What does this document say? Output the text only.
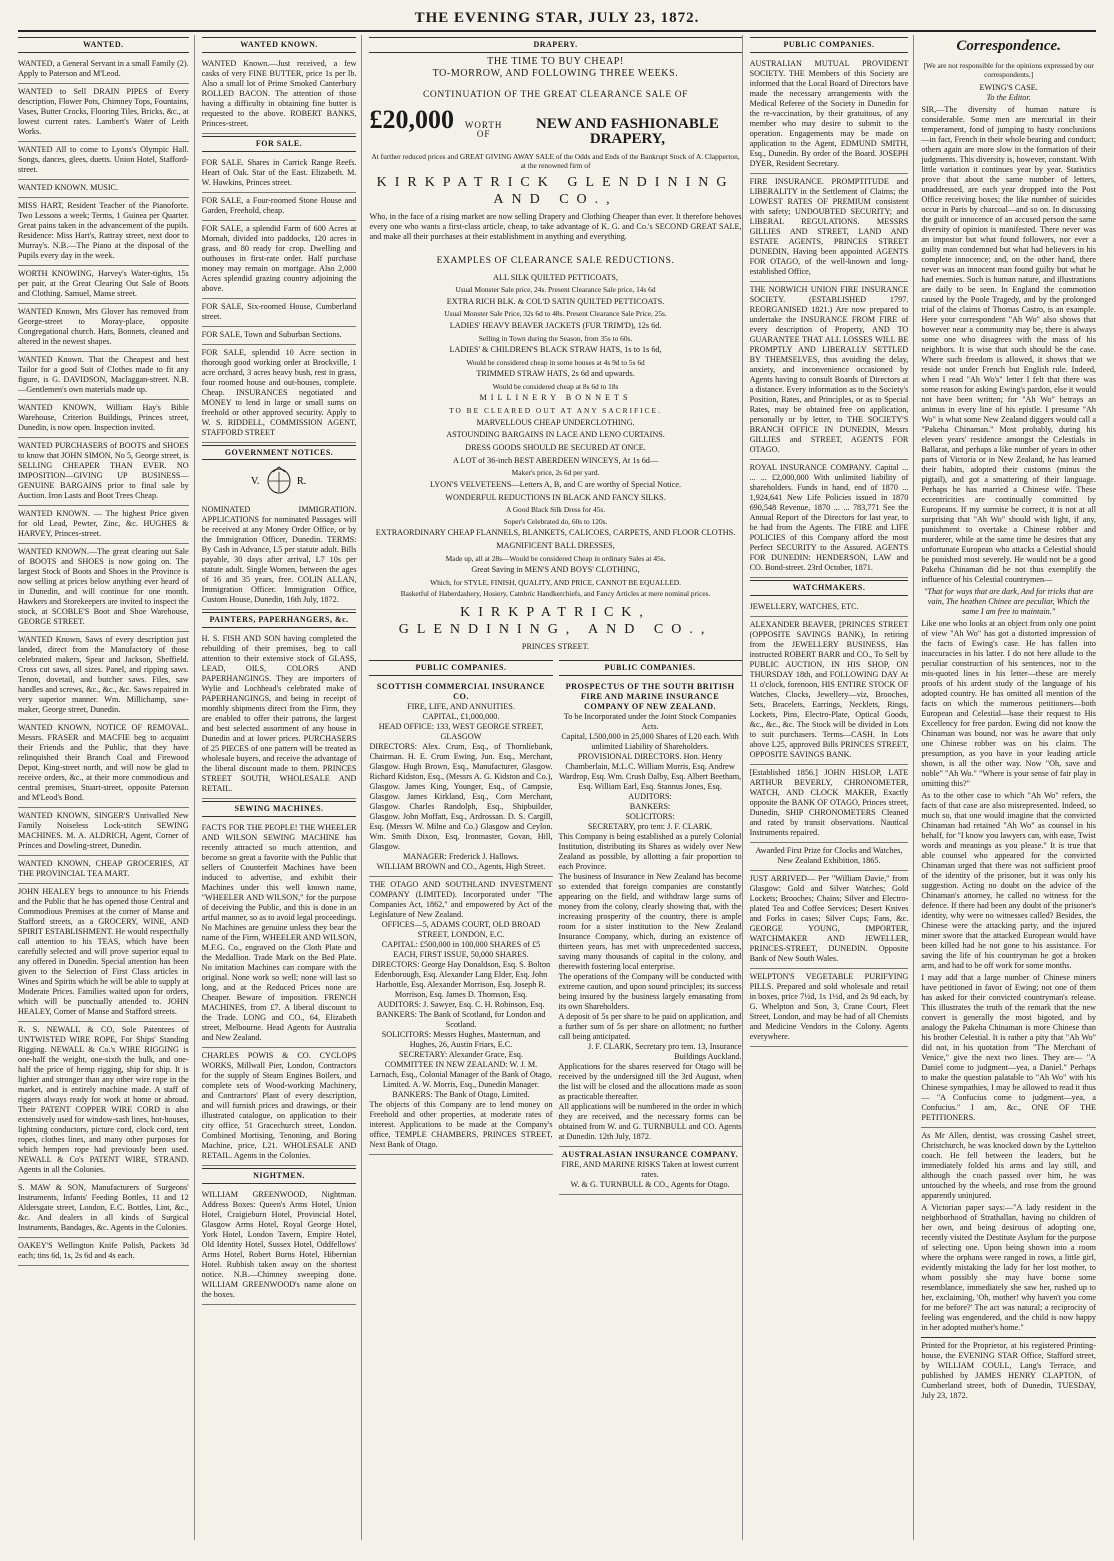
THE EVENING STAR, JULY 23, 1872.
WANTED.

WANTED, a General Servant in a small Family (2). Apply to Paterson and M'Leod.

WANTED to Sell DRAIN PIPES of Every description, Flower Pots, Chimney Tops, Fountains, Vases, Butter Crocks, Flooring Tiles, Bricks, &c., at lowest current rates. Lambert's Water of Leith Works.

WANTED All to come to Lyons's Olympic Hall. Songs, dances, glees, duetts. Union Hotel, Stafford-street.

WANTED KNOWN. MUSIC.

MISS HART, Resident Teacher of the Pianoforte. Two Lessons a week; Terms, 1 Guinea per Quarter. Great pains taken in the advancement of the pupils. Residence: Miss Hart's, Rattray street, next door to Murray's. N.B.—The Piano at the disposal of the Pupils every day in the week.

WORTH KNOWING, Harvey's Water-tights, 15s per pair, at the Great Clearing Out Sale of Boots and Clothing. Samuel, Manse street.

WANTED Known, Mrs Glover has removed from George-street to Moray-place, opposite Congregational church. Hats, Bonnets, cleaned and altered in the newest shapes.

WANTED Known. That the Cheapest and best Tailor for a good Suit of Clothes made to fit any figure, is G. DAVIDSON, Maclaggan-street. N.B.—Gentlemen's own materials made up.

WANTED KNOWN, William Hay's Bible Warehouse, Criterion Buildings, Princes street, Dunedin, is now open. Inspection invited.

WANTED PURCHASERS of BOOTS and SHOES to know that JOHN SIMON, No 5, George street, is SELLING CHEAPER THAN EVER. NO IMPOSITION—GIVING UP BUSINESS—GENUINE BARGAINS prior to final sale by Auction. Iron Lasts and Boot Trees Cheap.

WANTED KNOWN. — The highest Price given for old Lead, Pewter, Zinc, &c. HUGHES & HARVEY, Princes-street.

WANTED KNOWN.—The great clearing out Sale of BOOTS and SHOES is now going on. The largest Stock of Boots and Shoes in the Province is now selling at prices below anything ever heard of in Dunedin, and will continue for one month. Hawkers and Storekeepers are invited to inspect the stock, at SCOBLE'S Boot and Shoe Warehouse, GEORGE STREET.

WANTED Known, Saws of every description just landed, direct from the Manufactory of those celebrated makers, Spear and Jackson, Sheffield. Cross cut saws, all sizes. Panel, and ripping saws. Tenon, dovetail, and butcher saws. Files, saw handles and screws, &c., &c., &c. Saws repaired in very superior manner. Wm. Millichamp, saw-maker, George street, Dunedin.

WANTED KNOWN, NOTICE OF REMOVAL. Messrs. FRASER and MACFIE beg to acquaint their Friends and the Public, that they have relinquished their Branch Coal and Firewood Depot, King-street north, and will now be glad to receive orders, &c., at their more commodious and central premises, Stuart-street, opposite Paterson and M'Leod's Bond.

WANTED KNOWN, SINGER'S Unrivalled New Family Noiseless Lock-stitch SEWING MACHINES. M. A. ALDRICH, Agent, Corner of Princes and Dowling-street, Dunedin.

WANTED KNOWN, CHEAP GROCERIES, AT THE PROVINCIAL TEA MART.

JOHN HEALEY begs to announce to his Friends and the Public that he has opened those Central and Commodious Premises at the corner of Manse and Stafford streets, as a GROCERY, WINE, AND SPIRIT ESTABLISHMENT. He would respectfully call attention to his TEAS, which have been carefully selected and will prove superior equal to any offered in Dunedin. Special attention has been given to the Selection of First Class articles in Wines and Spirits which he will be able to supply at Moderate Prices. Families waited upon for orders, which will be punctually attended to. JOHN HEALEY, Corner of Manse and Stafford streets.

R. S. NEWALL & CO, Sole Patentees of UNTWISTED WIRE ROPE, For Ships' Standing Rigging. NEWALL & Co.'s WIRE RIGGING is one-half the weight, one-sixth the bulk, and one-half the price of hemp rigging, ship for ship. It is lighter and stronger than any other wire rope in the market, and is entirely machine made. A staff of riggers always ready for work at home or abroad. Their PATENT COPPER WIRE CORD is also extensively used for window-sash lines, hot-houses, lightning conductors, picture cord, clock cord, tent ropes, clothes lines, and many other purposes for which hempen rope had previously been used. NEWALL & Co's PATENT WIRE, STRAND. Agents in all the Colonies.

S. MAW & SON, Manufacturers of Surgeons' Instruments, Infants' Feeding Bottles, 11 and 12 Aldersgate street, London, E.C. Bottles, Lint, &c., &c. And dealers in all kinds of Surgical Instruments, Bandages, &c. Agents in the Colonies.

OAKEY'S Wellington Knife Polish, Packets 3d each; tins 6d, 1s, 2s 6d and 4s each.

WANTED KNOWN.

WANTED Known.—Just received, a few casks of very FINE BUTTER, price 1s per lb. Also a small lot of Prime Smoked Canterbury ROLLED BACON. The attention of those having a difficulty in obtaining fine butter is requested to the above. ROBERT BANKS, Princes-street.

FOR SALE.

FOR SALE. Shares in Carrick Range Reefs. Heart of Oak. Star of the East. Elizabeth. M. W. Hawkins, Princes street.

FOR SALE, a Four-roomed Stone House and Garden, Freehold, cheap.

FOR SALE, a splendid Farm of 600 Acres at Mornah, divided into paddocks, 120 acres in grass, and 80 ready for crop. Dwelling and outhouses in first-rate order. Half purchase money may remain on mortgage. Also 2,000 Acres splendid grazing country adjoining the above.

FOR SALE, Six-roomed House, Cumberland street.

FOR SALE, Town and Suburban Sections.

FOR SALE, splendid 10 Acre section in thorough good working order at Brockville, 1 acre orchard, 3 acres heavy bush, rest in grass, four roomed house and out-houses, complete. Cheap. INSURANCES negotiated and MONEY to lend in large or small sums on freehold or other approved security. Apply to W. S. RIDDELL, COMMISSION AGENT, STAFFORD STREET

GOVERNMENT NOTICES.
V.	R.

NOMINATED IMMIGRATION. APPLICATIONS for nominated Passages will be received at any Money Order Office, or by the Immigration Officer, Dunedin. TERMS: By Cash in Advance, L5 per statute adult. Bills payable, 30 days after arrival, L7 10s per statute adult. Single Women, between the ages of 16 and 35 years, free. COLIN ALLAN, Immigration Officer. Immigration Office, Custom House, Dunedin, 16th July, 1872.

PAINTERS, PAPERHANGERS, &c.

H. S. FISH AND SON having completed the rebuilding of their premises, beg to call attention to their extensive stock of GLASS, LEAD, OILS, COLORS AND PAPERHANGINGS. They are importers of Wylie and Lochhead's celebrated make of PAPERHANGINGS, and being in receipt of monthly shipments direct from the Firm, they are enabled to offer their patrons, the largest and best selected assortment of any house in Dunedin and at lower prices. PURCHASERS of 25 PIECES of one pattern will be treated as wholesale buyers, and receive the advantage of the liberal discount made to them. PRINCES STREET SOUTH, WHOLESALE AND RETAIL.

SEWING MACHINES.

FACTS FOR THE PEOPLE! THE WHEELER AND WILSON SEWING MACHINE has recently attracted so much attention, and become so great a favorite with the Public that sellers of Counterfeit Machines have been induced to advertise, and exhibit their Machines under this well known name, "WHEELER AND WILSON," for the purpose of deceiving the Public, and this is done in an artful manner, so as to avoid legal proceedings. No Machines are genuine unless they bear the name of the Firm, WHEELER AND WILSON, M.F.G. Co., engraved on the Cloth Plate and the Medallion. Trade Mark on the Bed Plate. No imitation Machines can compare with the original. None work so well; none will last so long, and at the Reduced Prices none are Cheaper. Beware of imposition. FRENCH MACHINES, from £7. A liberal discount to the Trade. LONG and CO., 64, Elizabeth street, Melbourne. Head Agents for Australia and New Zealand.

CHARLES POWIS & CO. CYCLOPS WORKS, Millwall Pier, London, Contractors for the supply of Steam Engines Boilers, and complete sets of Wood-working Machinery, and Contractors' Plant of every description, and will furnish prices and drawings, or their illustrated catalogue, on application to their city office, 51 Gracechurch street, London. Combined Mortising, Tenoning, and Boring Machine, price, L21. WHOLESALE AND RETAIL. Agents in the Colonies.

NIGHTMEN.

WILLIAM GREENWOOD, Nightman. Address Boxes: Queen's Arms Hotel, Union Hotel, Craigieburn Hotel, Provincial Hotel, Glasgow Arms Hotel, Royal George Hotel, York Hotel, London Tavern, Empire Hotel, Old Identity Hotel, Sussex Hotel, Oddfellows' Arms Hotel, Robert Burns Hotel, Hibernian Hotel. Rubbish taken away on the shortest notice. N.B.—Chimney sweeping done. WILLIAM GREENWOOD's name alone on the boxes.

DRAPERY.
THE TIME TO BUY CHEAP!
TO-MORROW, AND FOLLOWING THREE WEEKS.
CONTINUATION OF THE GREAT CLEARANCE SALE OF
£20,000	WORTH OF
NEW AND FASHIONABLE DRAPERY,
At further reduced prices and GREAT GIVING AWAY SALE of the Odds and Ends of the Bankrupt Stock of A. Clapperton, at the renowned firm of
KIRKPATRICK GLENDINING AND CO.,
Who, in the face of a rising market are now selling Drapery and Clothing Cheaper than ever. It therefore behoves every one who wants a first-class article, cheap, to take advantage of K. G. and Co.'s SECOND GREAT SALE, and make all their purchases at their establishment in anything and everything.
EXAMPLES OF CLEARANCE SALE REDUCTIONS.
ALL SILK QUILTED PETTICOATS,
Usual Monster Sale price, 24s. Present Clearance Sale price, 14s 6d
EXTRA RICH BLK. & COL'D SATIN QUILTED PETTICOATS.
Usual Monster Sale Price, 32s 6d to 48s. Present Clearance Sale Price, 25s.
LADIES' HEAVY BEAVER JACKETS (FUR TRIM'D), 12s 6d.
Selling in Town during the Season, from 35s to 60s.
LADIES' & CHILDREN'S BLACK STRAW HATS, 1s to 1s 6d,
Would be considered cheap in some houses at 4s 9d to 5s 6d
TRIMMED STRAW HATS, 2s 6d and upwards.
Would be considered cheap at 8s 6d to 18s
MILLINERY BONNETS
TO BE CLEARED OUT AT ANY SACRIFICE.
MARVELLOUS CHEAP UNDERCLOTHING.
ASTOUNDING BARGAINS IN LACE AND LENO CURTAINS.
DRESS GOODS SHOULD BE SECURED AT ONCE.
A LOT of 36-inch BEST ABERDEEN WINCEYS, At 1s 6d—
Maker's price, 2s 6d per yard.
LYON'S VELVETEENS—Letters A, B, and C are worthy of Special Notice.
WONDERFUL REDUCTIONS IN BLACK AND FANCY SILKS.
A Good Black Silk Dress for 45s.
Soper's Celebrated do, 60s to 120s.
EXTRAORDINARY CHEAP FLANNELS, BLANKETS, CALICOES, CARPETS, AND FLOOR CLOTHS.
MAGNIFICENT BALL DRESSES,
Made up, all at 28s—Would be considered Cheap in ordinary Sales at 45s.
Great Saving in MEN'S AND BOYS' CLOTHING,
Which, for STYLE, FINISH, QUALITY, AND PRICE, CANNOT BE EQUALLED.
Basketful of Haberdashery, Hosiery, Cambric Handkerchiefs, and Fancy Articles at mere nominal prices.
KIRKPATRICK, GLENDINING, AND CO.,
PRINCES STREET.
PUBLIC COMPANIES.

SCOTTISH COMMERCIAL INSURANCE CO.

FIRE, LIFE, AND ANNUITIES.

CAPITAL, £1,000,000.

HEAD OFFICE: 133, WEST GEORGE STREET, GLASGOW

DIRECTORS: Alex. Crum, Esq., of Thornliebank, Chairman. H. E. Crum Ewing, Jun. Esq., Merchant, Glasgow. Hugh Brown, Esq., Manufacturer, Glasgow. Richard Kidston, Esq., (Messrs A. G. Kidston and Co.), Glasgow. James King, Younger, Esq., of Campsie, Glasgow. James Kirkland, Esq., Corn Merchant, Glasgow. Charles Randolph, Esq., Shipbuilder, Glasgow. John Moffatt, Esq., Ardrossan. D. S. Cargill, Esq. (Messrs W. Milne and Co.) Glasgow and Ceylon. Wm. Smith Dixon, Esq, Ironmaster, Govan, Hill, Glasgow.

MANAGER: Frederick J. Hallows.

WILLIAM BROWN and CO., Agents, High Street.

THE OTAGO AND SOUTHLAND INVESTMENT COMPANY (LIMITED). Incorporated under "The Companies Act, 1862," and empowered by Act of the Legislature of New Zealand.

OFFICES—5, ADAMS COURT, OLD BROAD STREET, LONDON, E.C.

CAPITAL: £500,000 in 100,000 SHARES of £5 EACH, FIRST ISSUE, 50,000 SHARES.

DIRECTORS: George Hay Donaldson, Esq. S. Bolton Edenborough, Esq. Alexander Lang Elder, Esq. John Harbottle, Esq. Alexander Morrison, Esq. Joseph R. Morrison, Esq. James D. Thomson, Esq.

AUDITORS: J. Sawyer, Esq. C. H. Robinson, Esq.

BANKERS: The Bank of Scotland, for London and Scotland.

SOLICITORS: Messrs Hughes, Masterman, and Hughes, 26, Austin Friars, E.C.

SECRETARY: Alexander Grace, Esq.

COMMITTEE IN NEW ZEALAND: W. J. M. Larnach, Esq., Colonial Manager of the Bank of Otago, Limited. A. W. Morris, Esq., Dunedin Manager.

BANKERS: The Bank of Otago, Limited.

The objects of this Company are to lend money on Freehold and other properties, at moderate rates of interest. Applications to be made at the Company's office, TEMPLE CHAMBERS, PRINCES STREET, Next Bank of Otago.

PUBLIC COMPANIES.

PROSPECTUS OF THE SOUTH BRITISH FIRE AND MARINE INSURANCE COMPANY OF NEW ZEALAND.

To be Incorporated under the Joint Stock Companies Acts.

Capital, L500,000 in 25,000 Shares of L20 each. With unlimited Liability of Shareholders.

PROVISIONAL DIRECTORS. Hon. Henry Chamberlain, M.L.C. William Morris, Esq. Andrew Wardrop, Esq. Wm. Crush Dalby, Esq. Albert Beetham, Esq. William Earl, Esq. Stannus Jones, Esq.

AUDITORS:

BANKERS:

SOLICITORS:

SECRETARY, pro tem: J. F. CLARK.

This Company is being established as a purely Colonial Institution, distributing its Shares as widely over New Zealand as possible, by allotting a fair proportion to each Province.

The business of Insurance in New Zealand has become so extended that foreign companies are constantly appearing on the field, and withdraw large sums of money from the colony, clearly showing that, with the increasing prosperity of the country, there is ample room for a sister institution to the New Zealand Insurance Company, which, during an existence of thirteen years, has met with unprecedented success, saving many thousands of capital in the colony, and therewith fostering local enterprise.

The operations of the Company will be conducted with extreme caution, and upon sound principles; its success being insured by the business largely emanating from its own Shareholders.

A deposit of 5s per share to be paid on application, and a further sum of 5s per share on allotment; no further call being anticipated.

J. F. CLARK, Secretary pro tem. 13, Insurance Buildings Auckland.

Applications for the shares reserved for Otago will be received by the undersigned till the 3rd August, when the list will be closed and the allocations made as soon as practicable thereafter.

All applications will be numbered in the order in which they are received, and the necessary forms can be obtained from W. and G. TURNBULL and CO. Agents at Dunedin. 12th July, 1872.

AUSTRALASIAN INSURANCE COMPANY.

FIRE, AND MARINE RISKS Taken at lowest current rates.

W. & G. TURNBULL & CO., Agents for Otago.

PUBLIC COMPANIES.

AUSTRALIAN MUTUAL PROVIDENT SOCIETY. THE Members of this Society are informed that the Local Board of Directors have made the necessary arrangements with the Medical Referee of the Society in Dunedin for the re-vaccination, by their gratuitous, of any member who may desire to submit to the operation. Engagements may be made on application to the Agent, EDMUND SMITH, Esq., Dunedin. By order of the Board. JOSEPH DYER, Resident Secretary.

FIRE INSURANCE. PROMPTITUDE and LIBERALITY in the Settlement of Claims; the LOWEST RATES OF PREMIUM consistent with safety; UNDOUBTED SECURITY; and LIBERAL REGULATIONS. MESSRS GILLIES AND STREET, LAND AND ESTATE AGENTS, PRINCES STREET DUNEDIN, Having been appointed AGENTS FOR OTAGO, of the well-known and long-established Office,

THE NORWICH UNION FIRE INSURANCE SOCIETY. (ESTABLISHED 1797. REORGANISED 1821.) Are now prepared to undertake the INSURANCE FROM FIRE of every description of Property, AND TO GUARANTEE THAT ALL LOSSES WILL BE PROMPTLY AND LIBERALLY SETTLED BY THEMSELVES, thus avoiding the delay, anxiety, and inconvenience occasioned by Agents having to consult Boards of Directors at a distance. Every information as to the Society's Position, Rates, and Principles, or as to Special Rates, may be obtained free on application, personally or by letter, to THE SOCIETY'S BRANCH OFFICE IN DUNEDIN, Messrs GILLIES and STREET, AGENTS FOR OTAGO.

ROYAL INSURANCE COMPANY. Capital ... ... ... £2,000,000 With unlimited liability of shareholders. Funds in hand, end of 1870 ... 1,924,641 New Life Policies issued in 1870 690,548 Revenue, 1870 ... ... 783,771 See the Annual Report of the Directors for last year, to be had from the Agents. The FIRE and LIFE POLICIES of this Company afford the most Perfect SECURITY to the Assured. AGENTS FOR DUNEDIN: HENDERSON, LAW and CO. Bond-street. 23rd October, 1871.

WATCHMAKERS.

JEWELLERY, WATCHES, ETC.

ALEXANDER BEAVER, [PRINCES STREET (OPPOSITE SAVINGS BANK), In retiring from the JEWELLERY BUSINESS, Has instructed ROBERT BARR and CO., To Sell by PUBLIC AUCTION, IN HIS SHOP, ON THURSDAY 18th, and FOLLOWING DAY At 11 o'clock, forenoon, HIS ENTIRE STOCK OF Watches, Clocks, Jewellery—viz, Brooches, Sets, Bracelets, Earrings, Necklets, Rings, Lockets, Pins, Electro-Plate, Optical Goods, &c., &c., &c. The Stock will be divided in Lots to suit purchasers. Terms—CASH. In Lots above L25, approved Bills PRINCES STREET, OPPOSITE SAVINGS BANK.

[Established 1856.] JOHN HISLOP, LATE ARTHUR BEVERLY, CHRONOMETER, WATCH, AND CLOCK MAKER, Exactly opposite the BANK OF OTAGO, Princes street, Dunedin, SHIP CHRONOMETERS Cleaned and rated by transit observations. Nautical Instruments repaired.

Awarded First Prize for Clocks and Watches, New Zealand Exhibition, 1865.

JUST ARRIVED— Per "William Davie," from Glasgow: Gold and Silver Watches; Gold Lockets; Brooches; Chains; Silver and Electro-plated Tea and Coffee Services; Desert Knives and Forks in cases; Silver Cups; Fans, &c. GEORGE YOUNG, IMPORTER, WATCHMAKER AND JEWELLER, PRINCES-STREET, DUNEDIN. Opposite Bank of New South Wales.

WELPTON'S VEGETABLE PURIFYING PILLS. Prepared and sold wholesale and retail in boxes, price 7½d, 1s 1½d, and 2s 9d each, by G. Whelpton and Son, 3, Crane Court, Fleet Street, London, and may be had of all Chemists and Medicine Vendors in the Colony. Agents everywhere.

Correspondence.
[We are not responsible for the opinions expressed by our correspondents.]
EWING'S CASE.
To the Editor.

SIR,—The diversity of human nature is considerable. Some men are mercurial in their temperament, fond of jumping to hasty conclusions—in fact, French in their whole bearing and conduct; others again are more slow in the formation of their judgments. This diversity is, however, constant. With little variation it continues year by year. Statistics prove that about the same number of letters, unaddressed, are each year dropped into the Post Office receiving boxes; the like number of suicides occur in Paris by charcoal—and so on. In discussing the guilt or innocence of an accused person the same diversity of opinion is manifested. There never was an impostor but what found followers, nor ever a guilty man condemned but what had believers in his complete innocence; and, on the other hand, there never was an innocent man found guilty but what he had enemies. Such is human nature, and illustrations are daily to be seen. In England the commotion caused by the Poole Tragedy, and by the prolonged trial of the claims of Thomas Castro, is an example. Here your correspondent "Ah Wo" also shows that however near a community may be, there is always some one who disagrees with the mass of his neighbors. It is wise that such should be the case. Where such freedom is allowed, it shows that we reside not under French but English rule. Indeed, when I read "Ah Wo's" letter I felt that there was some reason for asking Ewing's pardon, else it would not have been written; for "Ah Wo" betrays an animus in every line of his epistle. I presume "Ah Wo" is what some New Zealand diggers would call a "Pakeha Chinaman." Most probably, during his eleven years' residence amongst the Celestials in Ballarat, and perhaps a like number of years in other parts of Victoria or in New Zealand, he has learned their habits, adopted their customs (minus the pigtail), and got a smattering of their language. Perhaps he has married a Chinese wife. These eccentricities are continually committed by Europeans. If my surmise be correct, it is not at all surprising that "Ah Wo" should wish light, if any, punishment to overtake a Chinese robber and murderer, while at the same time he desires that any unfortunate European who attacks a Celestial should be punished most severely. He would not be a good Pakeha Chinaman did he not thus exemplify the influence of his Celestial countrymen—

"That for ways that are dark, And for tricks that are vain, The heathen Chinee are peculiar, Which the same I am free to maintain."

Like one who looks at an object from only one point of view "Ah Wo" has got a distorted impression of the facts of Ewing's case. He has fallen into inaccuracies in his latter. I do not here allude to the peculiar construction of his sentences, nor to the mis-quoted lines in his letter—these are merely proofs of his ardent study of the language of his adopted country. He has omitted all mention of the facts on which the numerous petitioners—both European and Celestial—base their request to His Excellency for free pardon. Ewing did not know the Chinaman was bound, nor was he aware that only one Chinese robber was on his claim. The presumption, as you have in your leading article shown, is all the other way. Now "Oh, save and noble" "Ah Wo." "Where is your sense of fair play in omitting this?"

As to the other case to which "Ah Wo" refers, the facts of that case are also misrepresented. Indeed, so much so, that one would imagine that the convicted Chinaman had retained "Ah Wo" as counsel in his behalf, for "I know you lawyers can, with ease, Twist words and meanings as you please." It is true that able counsel who appeared for the convicted Chinaman urged that there was not sufficient proof of the identity of the prisoner, but it was only his suggestion. Acting no doubt on the advice of the Chinaman's attorney, he called no witness for the defence. If there had been any doubt of the prisoner's identity, why were no witnesses called? Besides, the Chinese were the attacking party, and the injured miner swore that the attacked European would have been killed had he not gone to his assistance. For saving the life of his countryman he got a broken arm, and had to be off work for some months.

I may add that a large number of Chinese miners have petitioned in favor of Ewing; not one of them has asked for their convicted countryman's release. This illustrates the truth of the remark that the new convert is generally the most bigoted, and by analogy the Pakeha Chinaman is more Chinese than his brother Celestial. It is rather a pity that "Ah Wo" did not, in his quotation from "The Merchant of Venice," give the next two lines. They are— "A Daniel come to judgment—yea, a Daniel." Perhaps to make the question palatable to "Ah Wo" with his Chinese sympathies, I may be allowed to read it thus— "A Confucius come to judgment—yea, a Confucius." I am, &c., ONE OF THE PETITIONERS.

As Mr Allen, dentist, was crossing Cashel street, Christchurch, he was knocked down by the Lyttelton coach. He fell between the leaders, but he immediately folded his arms and lay still, and although the coach passed over him, he was untouched by the wheels, and rose from the ground apparently uninjured.

A Victorian paper says:—"A lady resident in the neighborhood of Strathallan, having no children of her own, and being desirous of adopting one, recently visited the Destitute Asylum for the purpose of selecting one. Upon being shown into a room where the orphans were ranged in rows, a little girl, evidently mistaking the lady for her lost mother, to whom possibly she may have borne some resemblance, immediately she saw her, rushed up to her, exclaiming, 'Oh, mother! why haven't you come for me before?' The act was natural; a reciprocity of feeling was engendered, and the child is now happy in her adopted mother's home."

Printed for the Proprietor, at his registered Printing-house, the EVENING STAR Office, Stafford street, by WILLIAM COULL, Lang's Terrace, and published by JAMES HENRY CLAPTON, of Cumberland street, both of Dunedin, TUESDAY, July 23, 1872.
